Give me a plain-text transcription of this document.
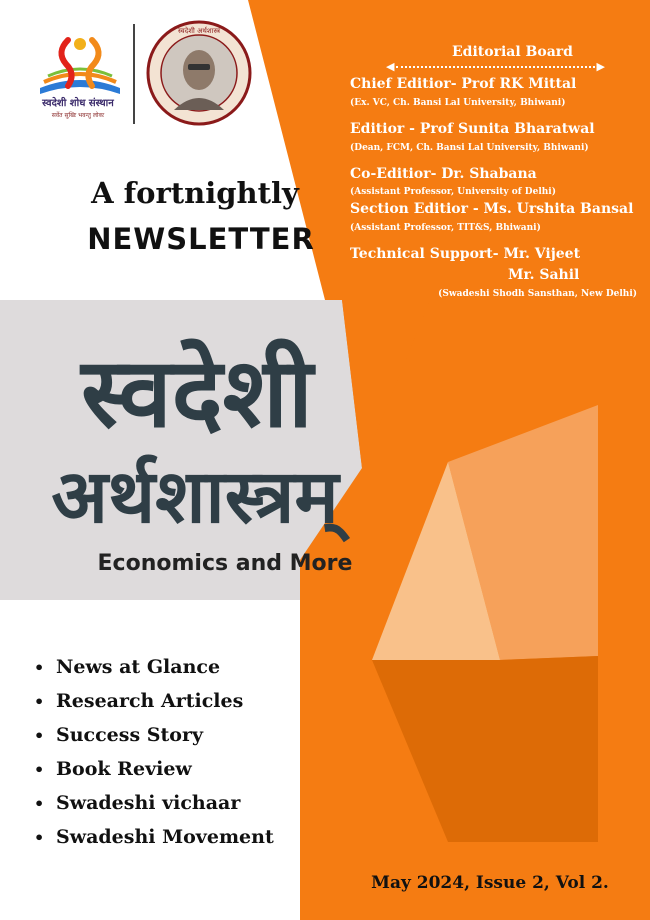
स्वदेशी शोध संस्थान
सर्वेत सुखिः भवन्तु लोकः
स्वदेशी अर्थशास्त्र
A fortnightly
NEWSLETTER
स्वदेशी
अर्थशास्त्रम्
Economics and More
Editorial Board
◀	▶
Chief Editior- Prof RK Mittal
(Ex. VC, Ch. Bansi Lal University, Bhiwani)
Editior - Prof Sunita Bharatwal
(Dean, FCM, Ch. Bansi Lal University, Bhiwani)
Co-Editior- Dr. Shabana
(Assistant Professor, University of Delhi)
Section Editior - Ms. Urshita Bansal
(Assistant Professor, TIT&S, Bhiwani)
Technical Support- Mr. Vijeet
Mr. Sahil
(Swadeshi Shodh Sansthan, New Delhi)
• News at Glance
• Research Articles
• Success Story
• Book Review
• Swadeshi vichaar
• Swadeshi Movement
May 2024, Issue 2, Vol 2.
